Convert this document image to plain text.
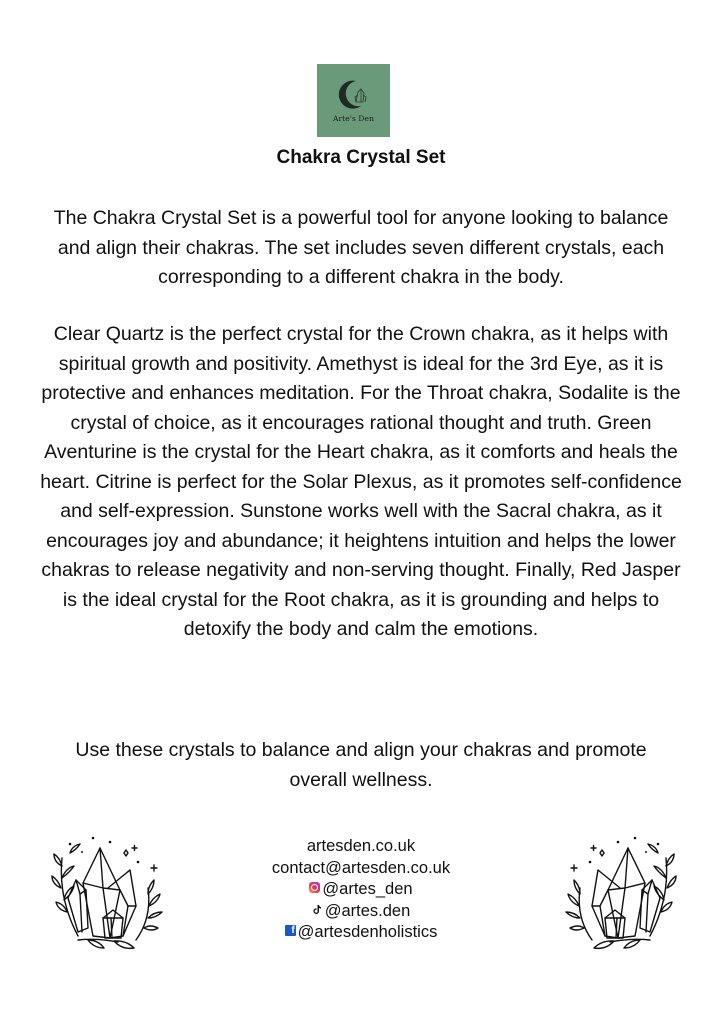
Arte's Den
Chakra Crystal Set

The Chakra Crystal Set is a powerful tool for anyone looking to balance and align their chakras. The set includes seven different crystals, each corresponding to a different chakra in the body.

Clear Quartz is the perfect crystal for the Crown chakra, as it helps with spiritual growth and positivity. Amethyst is ideal for the 3rd Eye, as it is protective and enhances meditation. For the Throat chakra, Sodalite is the crystal of choice, as it encourages rational thought and truth. Green Aventurine is the crystal for the Heart chakra, as it comforts and heals the heart. Citrine is perfect for the Solar Plexus, as it promotes self-confidence and self-expression. Sunstone works well with the Sacral chakra, as it encourages joy and abundance; it heightens intuition and helps the lower chakras to release negativity and non-serving thought. Finally, Red Jasper is the ideal crystal for the Root chakra, as it is grounding and helps to detoxify the body and calm the emotions.

Use these crystals to balance and align your chakras and promote overall wellness.

artesden.co.uk
contact@artesden.co.uk
@artes_den
@artes.den
f @artesdenholistics
